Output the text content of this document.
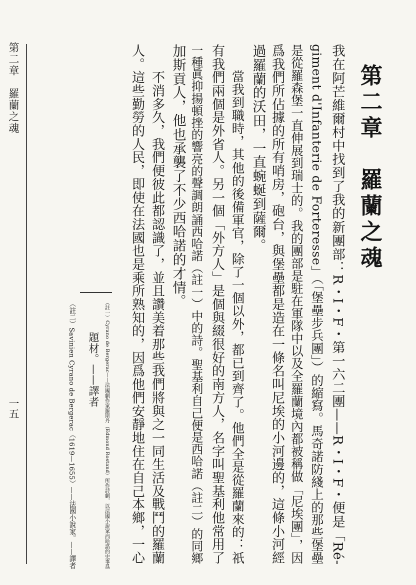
第二章　羅蘭之魂
我在阿芒維爾村中找到了我的新團部：R・I・F・第一六二團——R・I・F・便是「Ré-
giment d'Infanterie de Forteresse」（「堡壘步兵團」）的縮寫。馬奇諾防綫上的那些堡壘
是從羅森堡一直伸展到瑞士的。我的團部是駐在軍隊中以及全羅蘭境內都被稱做「尼埃團」，因
爲我們所佔據的所有哨房，砲台，與堡壘都是造在一條名叫尼埃的小河邊的，這條小河經
過羅蘭的沃田，一直蜿蜒到薩爾。
　　當我到職時，其他的後備軍官，除了一個以外，都已到齊了。他們全是從羅蘭來的：祇
有我們兩個是外省人。另一個「外方人」是個與綴很好的南方人，名字叫聖基利他常用了
一種眞抑揚頓挫的響亮的聲調朗誦西哈諾（註一）中的詩。聖基利自己便是西哈諾（註二）的同鄉
加斯貢人，他也承襲了不少西哈諾的才情。
　　不消多久，我們便彼此都認識了，並且讚美着那些我們將與之一同生活及戰鬥的羅蘭
人。這些勤勞的人民，即使在法國也是乘所熟知的，因爲他們安靜地住在自己本鄉，一心
（註一）Cyrano de Bergerac——法國劇作家羅斯丹（Edmond Rostand）所作詩劇，以法國小說家西哈諾的史事爲
題材。——譯者
（註二）Savinien Cyrano de Bergerac（1619—1655）——法國小說家。——譯者
第二章　羅蘭之魂
一五
